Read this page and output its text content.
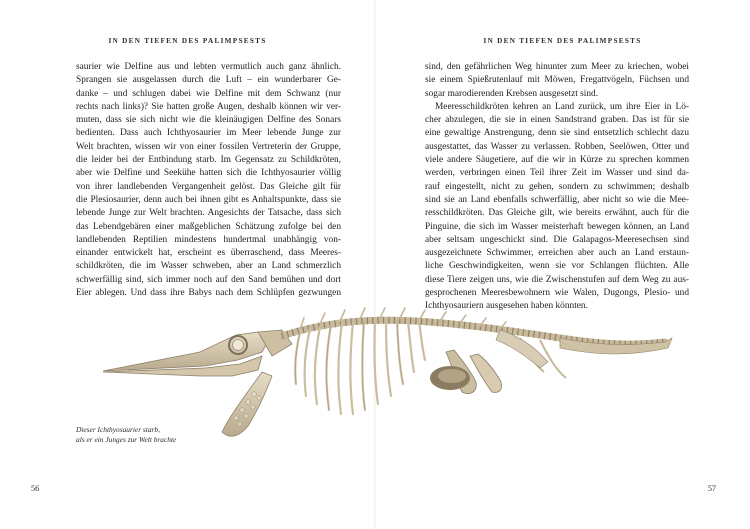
IN DEN TIEFEN DES PALIMPSESTS
saurier wie Delfine aus und lebten vermutlich auch ganz ähnlich.
Sprangen sie ausgelassen durch die Luft – ein wunderbarer Ge-
danke – und schlugen dabei wie Delfine mit dem Schwanz (nur
rechts nach links)? Sie hatten große Augen, deshalb können wir ver-
muten, dass sie sich nicht wie die kleinäugigen Delfine des Sonars
bedienten. Dass auch Ichthyosaurier im Meer lebende Junge zur
Welt brachten, wissen wir von einer fossilen Vertreterin der Gruppe,
die leider bei der Entbindung starb. Im Gegensatz zu Schildkröten,
aber wie Delfine und Seekühe hatten sich die Ichthyosaurier völlig
von ihrer landlebenden Vergangenheit gelöst. Das Gleiche gilt für
die Plesiosaurier, denn auch bei ihnen gibt es Anhaltspunkte, dass sie
lebende Junge zur Welt brachten. Angesichts der Tatsache, dass sich
das Lebendgebären einer maßgeblichen Schätzung zufolge bei den
landlebenden Reptilien mindestens hundertmal unabhängig von-
einander entwickelt hat, erscheint es überraschend, dass Meeres-
schildkröten, die im Wasser schweben, aber an Land schmerzlich
schwerfällig sind, sich immer noch auf den Sand bemühen und dort
Eier ablegen. Und dass ihre Babys nach dem Schlüpfen gezwungen
56
IN DEN TIEFEN DES PALIMPSESTS
sind, den gefährlichen Weg hinunter zum Meer zu kriechen, wobei
sie einem Spießrutenlauf mit Möwen, Fregattvögeln, Füchsen und
sogar marodierenden Krebsen ausgesetzt sind.
Meeresschildkröten kehren an Land zurück, um ihre Eier in Lö-
cher abzulegen, die sie in einen Sandstrand graben. Das ist für sie
eine gewaltige Anstrengung, denn sie sind entsetzlich schlecht dazu
ausgestattet, das Wasser zu verlassen. Robben, Seelöwen, Otter und
viele andere Säugetiere, auf die wir in Kürze zu sprechen kommen
werden, verbringen einen Teil ihrer Zeit im Wasser und sind da-
rauf eingestellt, nicht zu gehen, sondern zu schwimmen; deshalb
sind sie an Land ebenfalls schwerfällig, aber nicht so wie die Mee-
resschildkröten. Das Gleiche gilt, wie bereits erwähnt, auch für die
Pinguine, die sich im Wasser meisterhaft bewegen können, an Land
aber seltsam ungeschickt sind. Die Galapagos-Meeresechsen sind
ausgezeichnete Schwimmer, erreichen aber auch an Land erstaun-
liche Geschwindigkeiten, wenn sie vor Schlangen flüchten. Alle
diese Tiere zeigen uns, wie die Zwischenstufen auf dem Weg zu aus-
gesprochenen Meeresbewohnern wie Walen, Dugongs, Plesio- und
Ichthyosauriern ausgesehen haben könnten.
57
Dieser Ichthyosaurier starb,
als er ein Junges zur Welt brachte
